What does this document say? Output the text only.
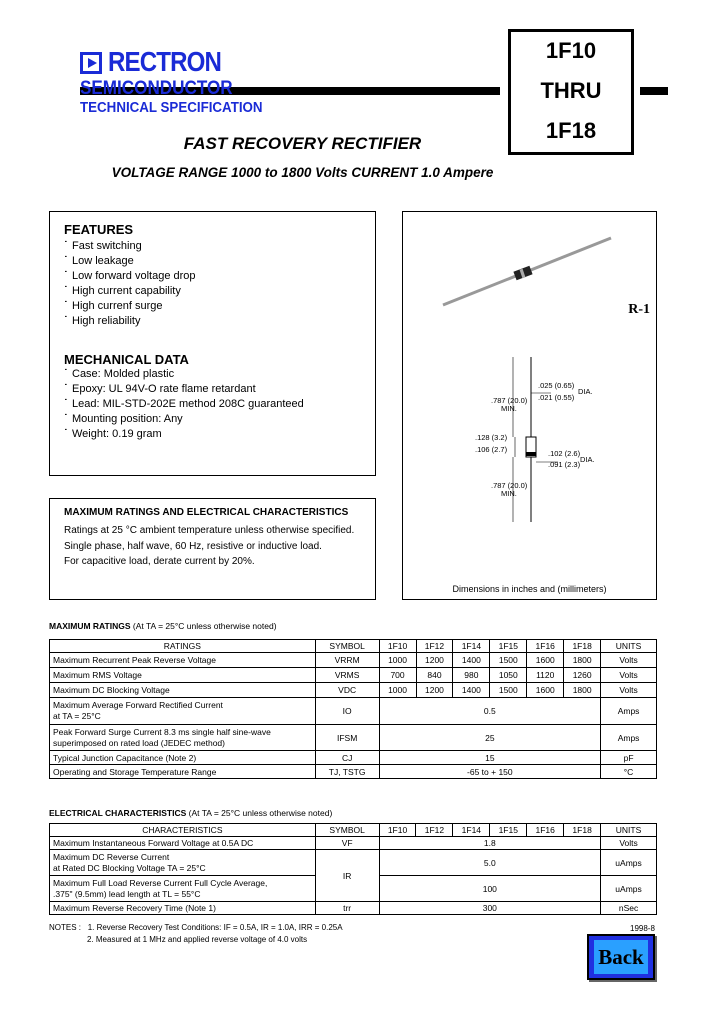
RECTRON
SEMICONDUCTOR
TECHNICAL SPECIFICATION
1F10
THRU
1F18
FAST RECOVERY RECTIFIER
VOLTAGE RANGE 1000 to 1800 Volts CURRENT 1.0 Ampere
FEATURES
˙ Fast switching
˙ Low leakage
˙ Low forward voltage drop
˙ High current capability
˙ High currenf surge
˙ High reliability
MECHANICAL DATA
˙ Case: Molded plastic
˙ Epoxy: UL 94V-O rate flame retardant
˙ Lead: MIL-STD-202E method 208C guaranteed
˙ Mounting position: Any
˙ Weight: 0.19 gram
R-1
.787 (20.0)
MIN.
.025 (0.65)
.021 (0.55)
DIA.
.128 (3.2)
.106 (2.7)	.102 (2.6)
.091 (2.3)
DIA.
.787 (20.0)
MIN.
Dimensions in inches and (millimeters)
MAXIMUM RATINGS AND ELECTRICAL CHARACTERISTICS
Ratings at 25 °C ambient temperature unless otherwise specified.
Single phase, half wave, 60 Hz, resistive or inductive load.
For capacitive load, derate current by 20%.
MAXIMUM RATINGS (At TA = 25°C unless otherwise noted)
RATINGS	SYMBOL	1F10	1F12	1F14	1F15	1F16	1F18	UNITS
Maximum Recurrent Peak Reverse Voltage	VRRM	1000	1200	1400	1500	1600	1800	Volts
Maximum RMS Voltage	VRMS	700	840	980	1050	1120	1260	Volts
Maximum DC Blocking Voltage	VDC	1000	1200	1400	1500	1600	1800	Volts

Maximum Average Forward Rectified Current
at TA = 25°C	IO	0.5						Amps

Peak Forward Surge Current 8.3 ms single half sine-wave
superimposed on rated load (JEDEC method)	IFSM	25						Amps
Typical Junction Capacitance (Note 2)	CJ	15						pF
Operating and Storage Temperature Range	TJ, TSTG	-65 to + 150						°C
ELECTRICAL CHARACTERISTICS (At TA = 25°C unless otherwise noted)
CHARACTERISTICS	SYMBOL	1F10	1F12	1F14	1F15	1F16	1F18	UNITS
Maximum Instantaneous Forward Voltage at 0.5A DC	VF	1.8						Volts

Maximum DC Reverse Current
at Rated DC Blocking Voltage TA = 25°C	IR	5.0						uAmps

Maximum Full Load Reverse Current Full Cycle Average,
.375" (9.5mm) lead length at TL = 55°C		100						uAmps
Maximum Reverse Recovery Time (Note 1)	trr	300						nSec
NOTES : 1. Reverse Recovery Test Conditions: IF = 0.5A, IR = 1.0A, IRR = 0.25A
2. Measured at 1 MHz and applied reverse voltage of 4.0 volts
1998-8
Back
